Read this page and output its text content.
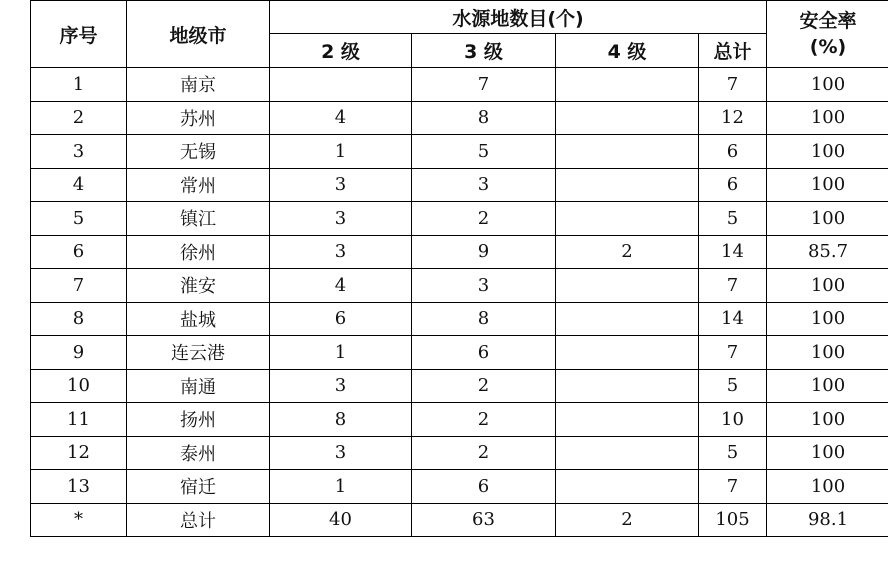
序号	地级市	水源地数目(个)				安全率
(%)

		2 级	3 级	4 级	总计	
1	南京		7		7	100
2	苏州	4	8		12	100
3	无锡	1	5		6	100
4	常州	3	3		6	100
5	镇江	3	2		5	100
6	徐州	3	9	2	14	85.7
7	淮安	4	3		7	100
8	盐城	6	8		14	100
9	连云港	1	6		7	100
10	南通	3	2		5	100
11	扬州	8	2		10	100
12	泰州	3	2		5	100
13	宿迁	1	6		7	100
*	总计	40	63	2	105	98.1
